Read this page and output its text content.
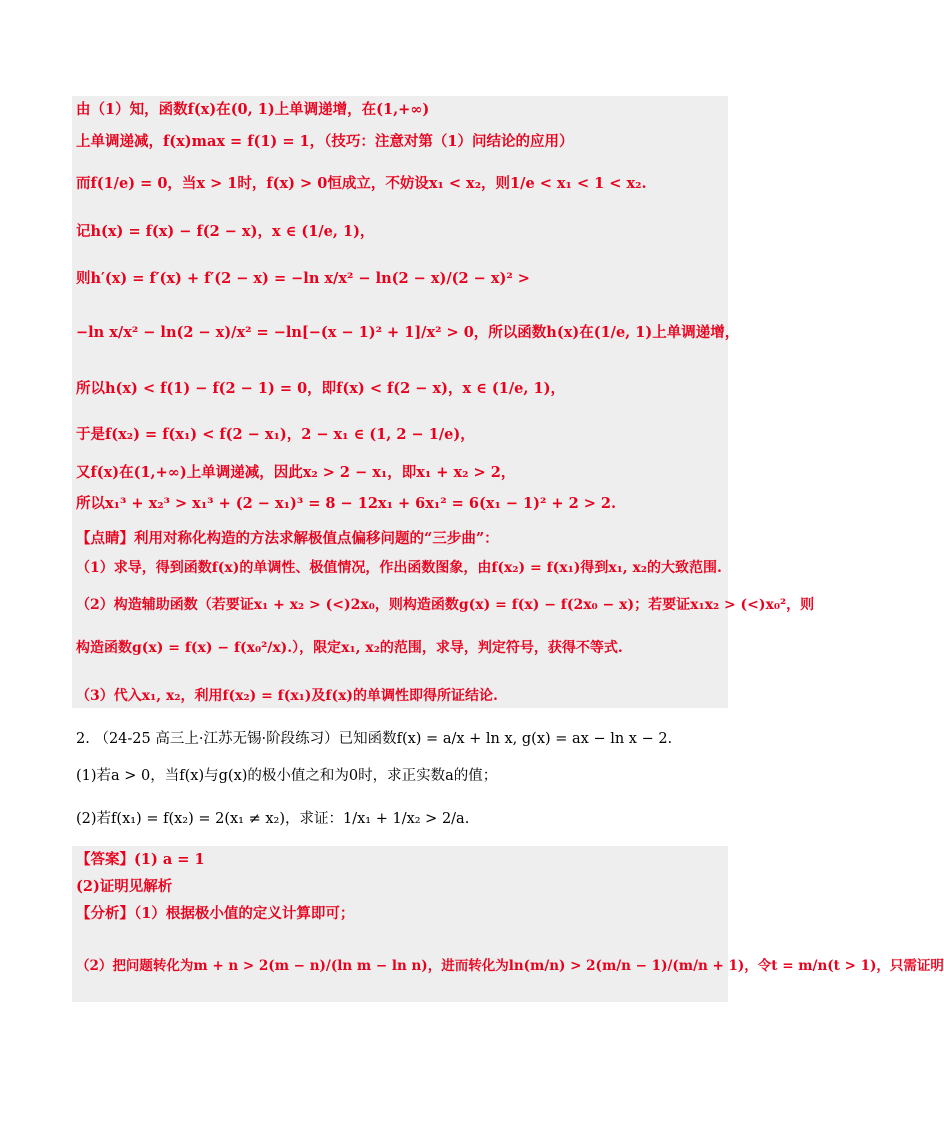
由（1）知，函数f(x)在(0, 1)上单调递增，在(1,+∞)
上单调递减，f(x)max = f(1) = 1，（技巧：注意对第（1）问结论的应用）
而f(1/e) = 0，当x > 1时，f(x) > 0恒成立，不妨设x₁ < x₂，则1/e < x₁ < 1 < x₂.
记h(x) = f(x) − f(2 − x)，x ∈ (1/e, 1)，
则h′(x) = f′(x) + f′(2 − x) = −ln x/x² − ln(2 − x)/(2 − x)² >
−ln x/x² − ln(2 − x)/x² = −ln[−(x − 1)² + 1]/x² > 0，所以函数h(x)在(1/e, 1)上单调递增，
所以h(x) < f(1) − f(2 − 1) = 0，即f(x) < f(2 − x)，x ∈ (1/e, 1)，
于是f(x₂) = f(x₁) < f(2 − x₁)，2 − x₁ ∈ (1, 2 − 1/e)，
又f(x)在(1,+∞)上单调递减，因此x₂ > 2 − x₁，即x₁ + x₂ > 2，
所以x₁³ + x₂³ > x₁³ + (2 − x₁)³ = 8 − 12x₁ + 6x₁² = 6(x₁ − 1)² + 2 > 2.
【点睛】利用对称化构造的方法求解极值点偏移问题的“三步曲”：
（1）求导，得到函数f(x)的单调性、极值情况，作出函数图象，由f(x₂) = f(x₁)得到x₁, x₂的大致范围.
（2）构造辅助函数（若要证x₁ + x₂ > (<)2x₀，则构造函数g(x) = f(x) − f(2x₀ − x)；若要证x₁x₂ > (<)x₀²，则
构造函数g(x) = f(x) − f(x₀²/x).），限定x₁, x₂的范围，求导，判定符号，获得不等式.
（3）代入x₁, x₂，利用f(x₂) = f(x₁)及f(x)的单调性即得所证结论.
2. （24-25 高三上·江苏无锡·阶段练习）已知函数f(x) = a/x + ln x, g(x) = ax − ln x − 2.
(1)若a > 0，当f(x)与g(x)的极小值之和为0时，求正实数a的值；
(2)若f(x₁) = f(x₂) = 2(x₁ ≠ x₂)，求证：1/x₁ + 1/x₂ > 2/a.
【答案】(1) a = 1
(2)证明见解析
【分析】（1）根据极小值的定义计算即可；
（2）把问题转化为m + n > 2(m − n)/(ln m − ln n)，进而转化为ln(m/n) > 2(m/n − 1)/(m/n + 1)，令t = m/n(t > 1)，只需证明
